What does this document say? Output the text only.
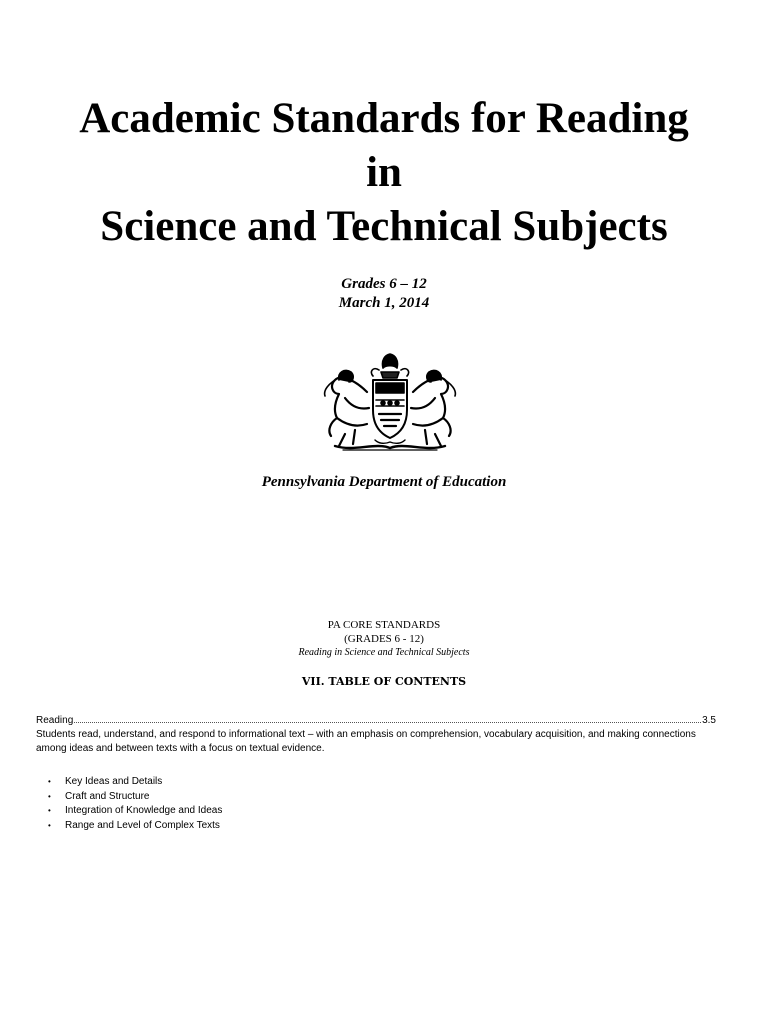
Academic Standards for Reading
in
Science and Technical Subjects
Grades 6 – 12
March 1, 2014
Pennsylvania Department of Education
PA CORE STANDARDS
(GRADES 6 - 12)
Reading in Science and Technical Subjects
VII. TABLE OF CONTENTS
Reading	3.5

Students read, understand, and respond to informational text – with an emphasis on comprehension, vocabulary acquisition, and making connections among ideas and between texts with a focus on textual evidence.

• Key Ideas and Details
• Craft and Structure
• Integration of Knowledge and Ideas
• Range and Level of Complex Texts
